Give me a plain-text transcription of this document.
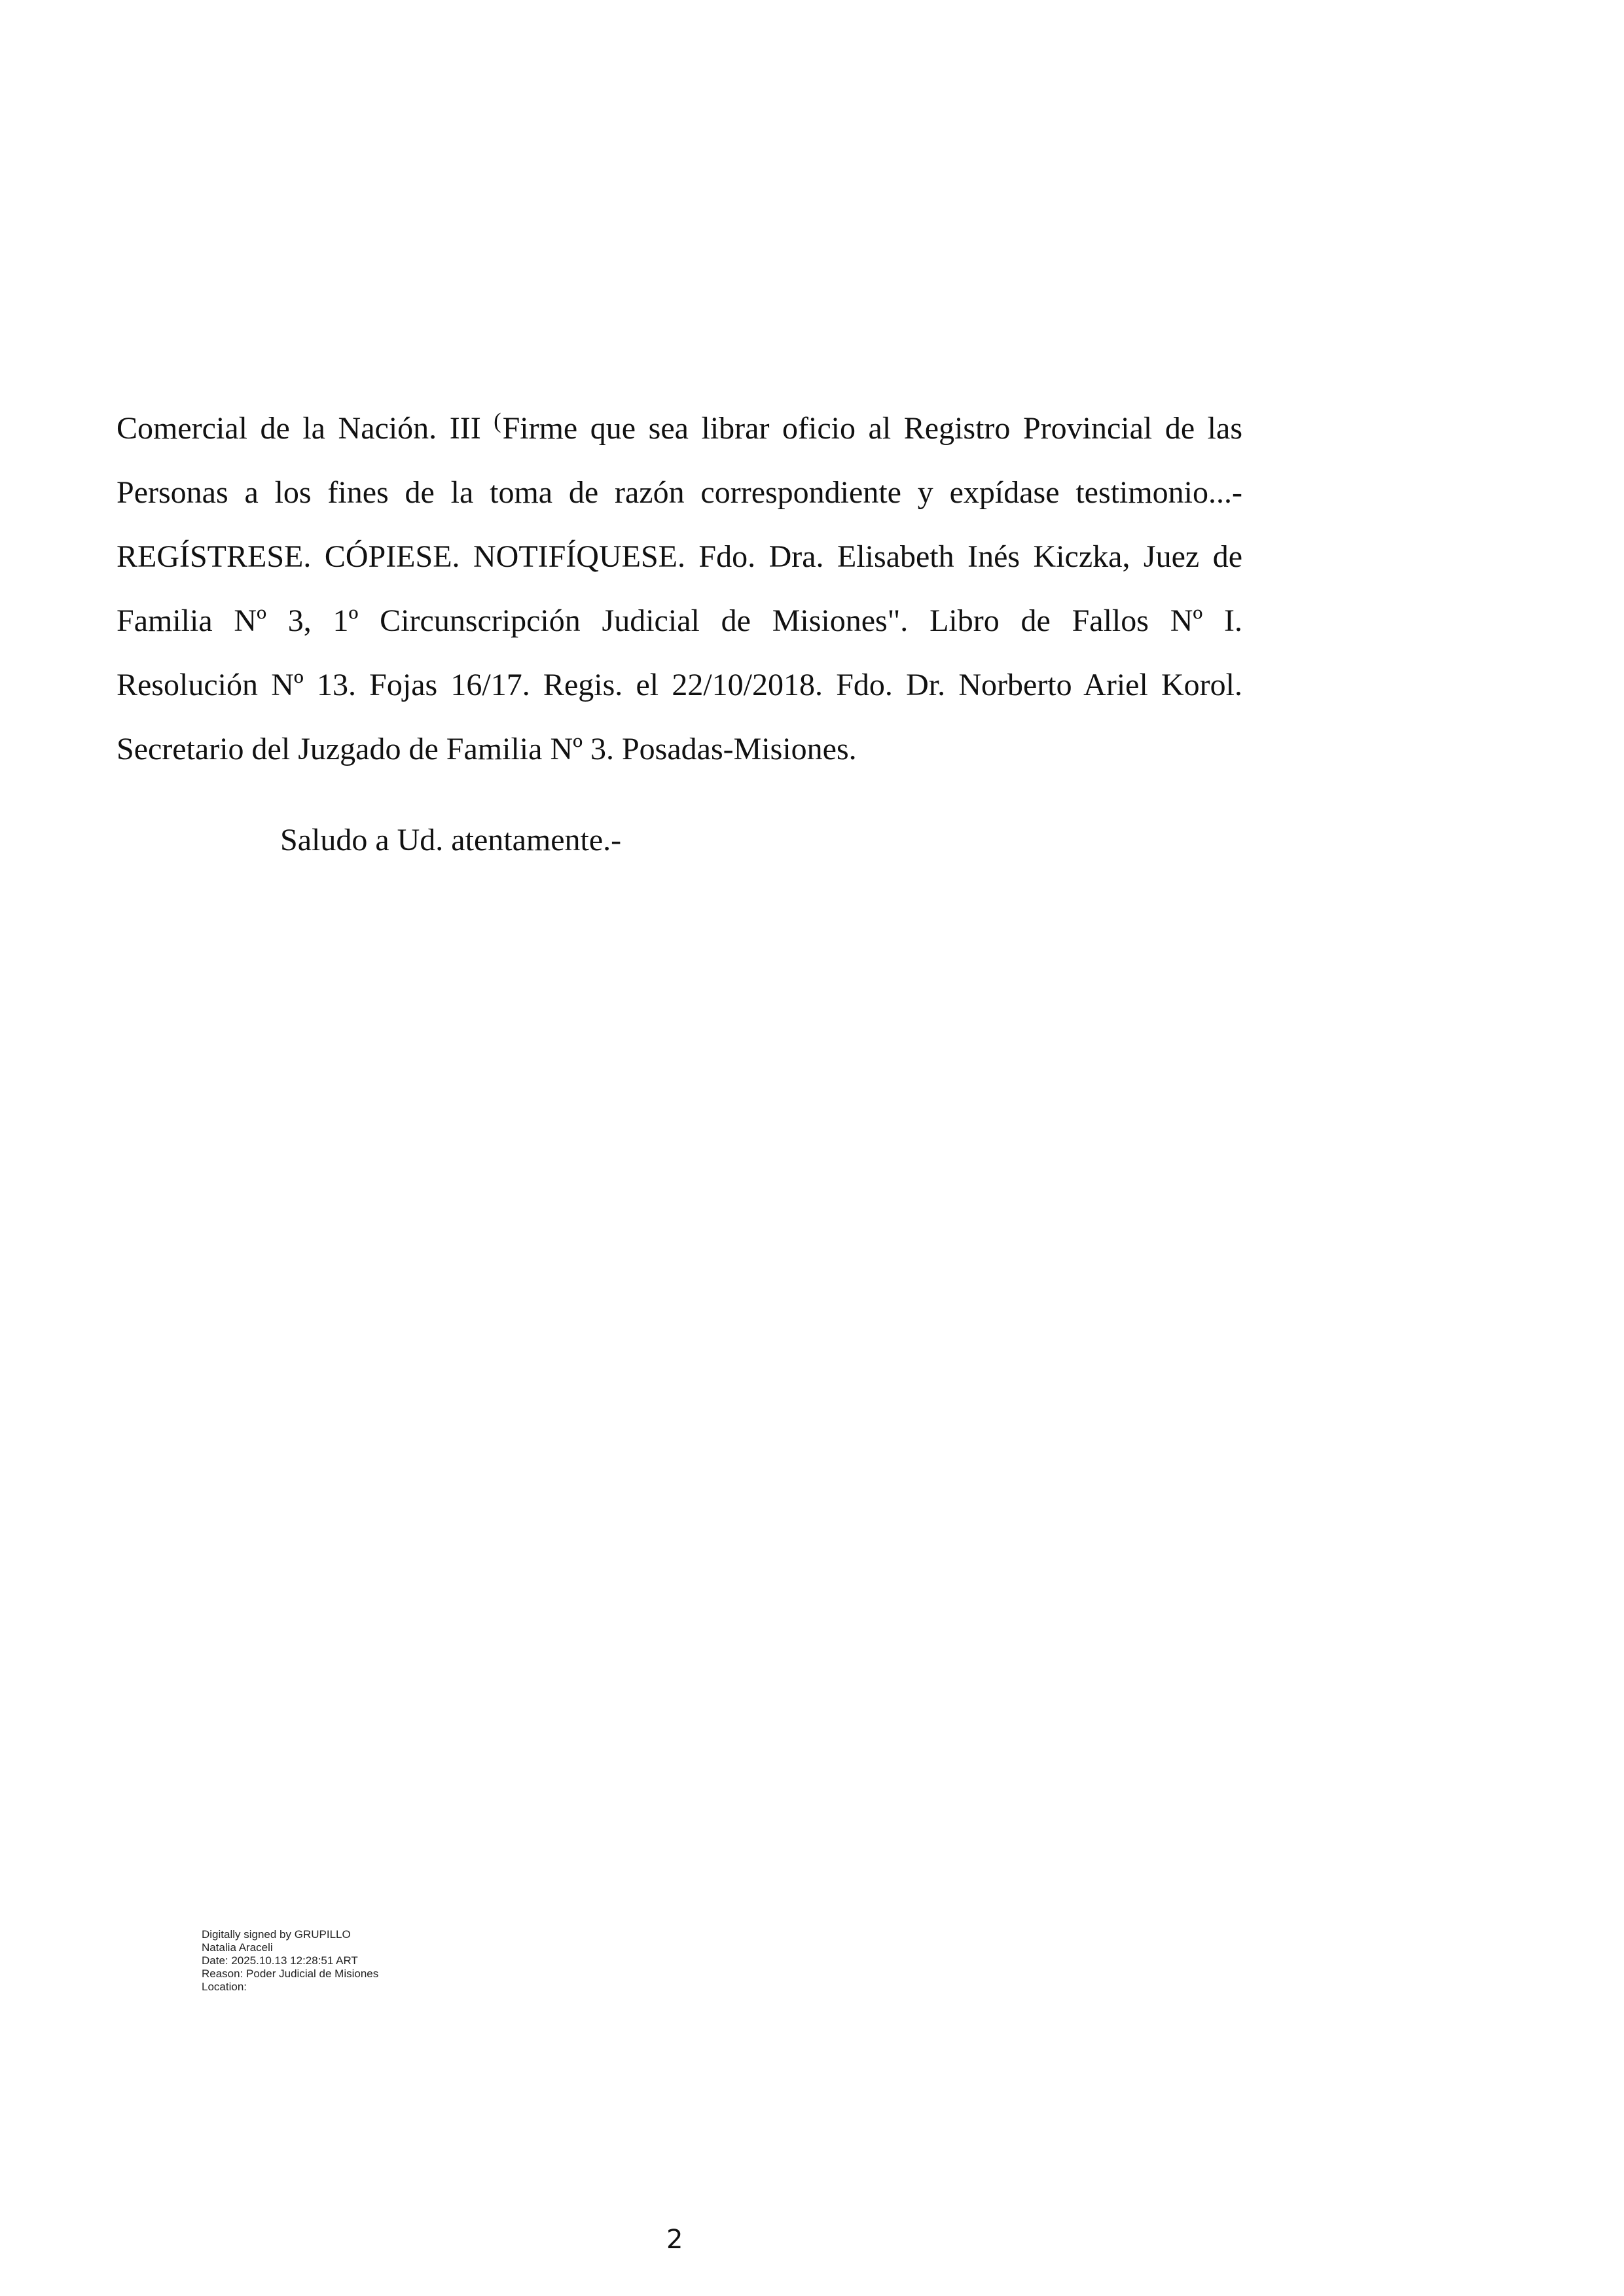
Comercial de la Nación. III (Firme que sea librar oficio al Registro Provincial de las
Personas a los fines de la toma de razón correspondiente y expídase testimonio...-
REGÍSTRESE. CÓPIESE. NOTIFÍQUESE. Fdo. Dra. Elisabeth Inés Kiczka, Juez de
Familia Nº 3, 1º Circunscripción Judicial de Misiones". Libro de Fallos Nº I.
Resolución Nº 13. Fojas 16/17. Regis. el 22/10/2018. Fdo. Dr. Norberto Ariel Korol.
Secretario del Juzgado de Familia Nº 3. Posadas-Misiones.
Saludo a Ud. atentamente.-
Digitally signed by GRUPILLO
Natalia Araceli
Date: 2025.10.13 12:28:51 ART
Reason: Poder Judicial de Misiones
Location:
2
